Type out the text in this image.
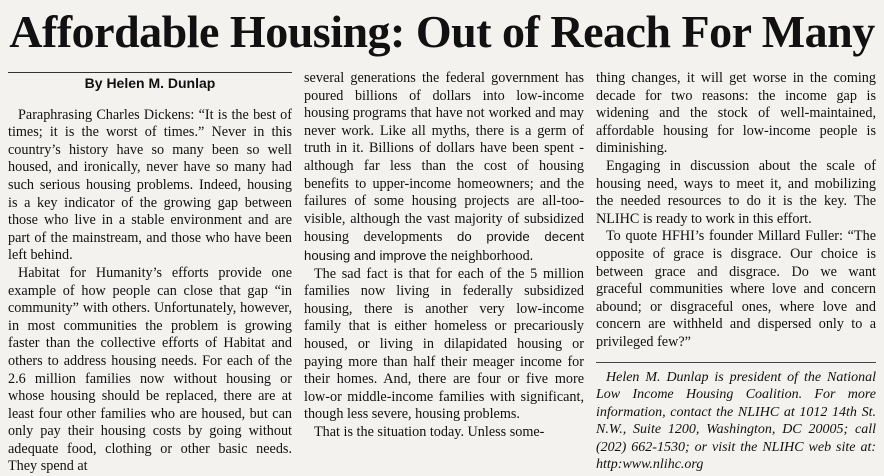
Affordable Housing: Out of Reach For Many
By Helen M. Dunlap

Paraphrasing Charles Dickens: “It is the best of times; it is the worst of times.” Never in this country’s history have so many been so well housed, and ironically, never have so many had such serious housing problems. Indeed, housing is a key indicator of the growing gap between those who live in a stable environment and are part of the mainstream, and those who have been left behind.

Habitat for Humanity’s efforts provide one example of how people can close that gap “in community” with others. Unfortunately, however, in most communities the problem is growing faster than the collective efforts of Habitat and others to address housing needs. For each of the 2.6 million families now without housing or whose housing should be replaced, there are at least four other families who are housed, but can only pay their housing costs by going without adequate food, clothing or other basic needs. They spend at

several generations the federal government has poured billions of dollars into low-income housing programs that have not worked and may never work. Like all myths, there is a germ of truth in it. Billions of dollars have been spent - although far less than the cost of housing benefits to upper-income homeowners; and the failures of some housing projects are all-too-visible, although the vast majority of subsidized housing developments do provide decent housing and improve the neighborhood.

The sad fact is that for each of the 5 million families now living in federally subsidized housing, there is another very low-income family that is either homeless or precariously housed, or living in dilapidated housing or paying more than half their meager income for their homes. And, there are four or five more low-or middle-income families with significant, though less severe, housing problems.

That is the situation today. Unless some-

thing changes, it will get worse in the coming decade for two reasons: the income gap is widening and the stock of well-maintained, affordable housing for low-income people is diminishing.

Engaging in discussion about the scale of housing need, ways to meet it, and mobilizing the needed resources to do it is the key. The NLIHC is ready to work in this effort.

To quote HFHI’s founder Millard Fuller: “The opposite of grace is disgrace. Our choice is between grace and disgrace. Do we want graceful communities where love and concern abound; or disgraceful ones, where love and concern are withheld and dispersed only to a privileged few?”

Helen M. Dunlap is president of the National Low Income Housing Coalition. For more information, contact the NLIHC at 1012 14th St. N.W., Suite 1200, Washington, DC 20005; call (202) 662-1530; or visit the NLIHC web site at: http:www.nlihc.org
